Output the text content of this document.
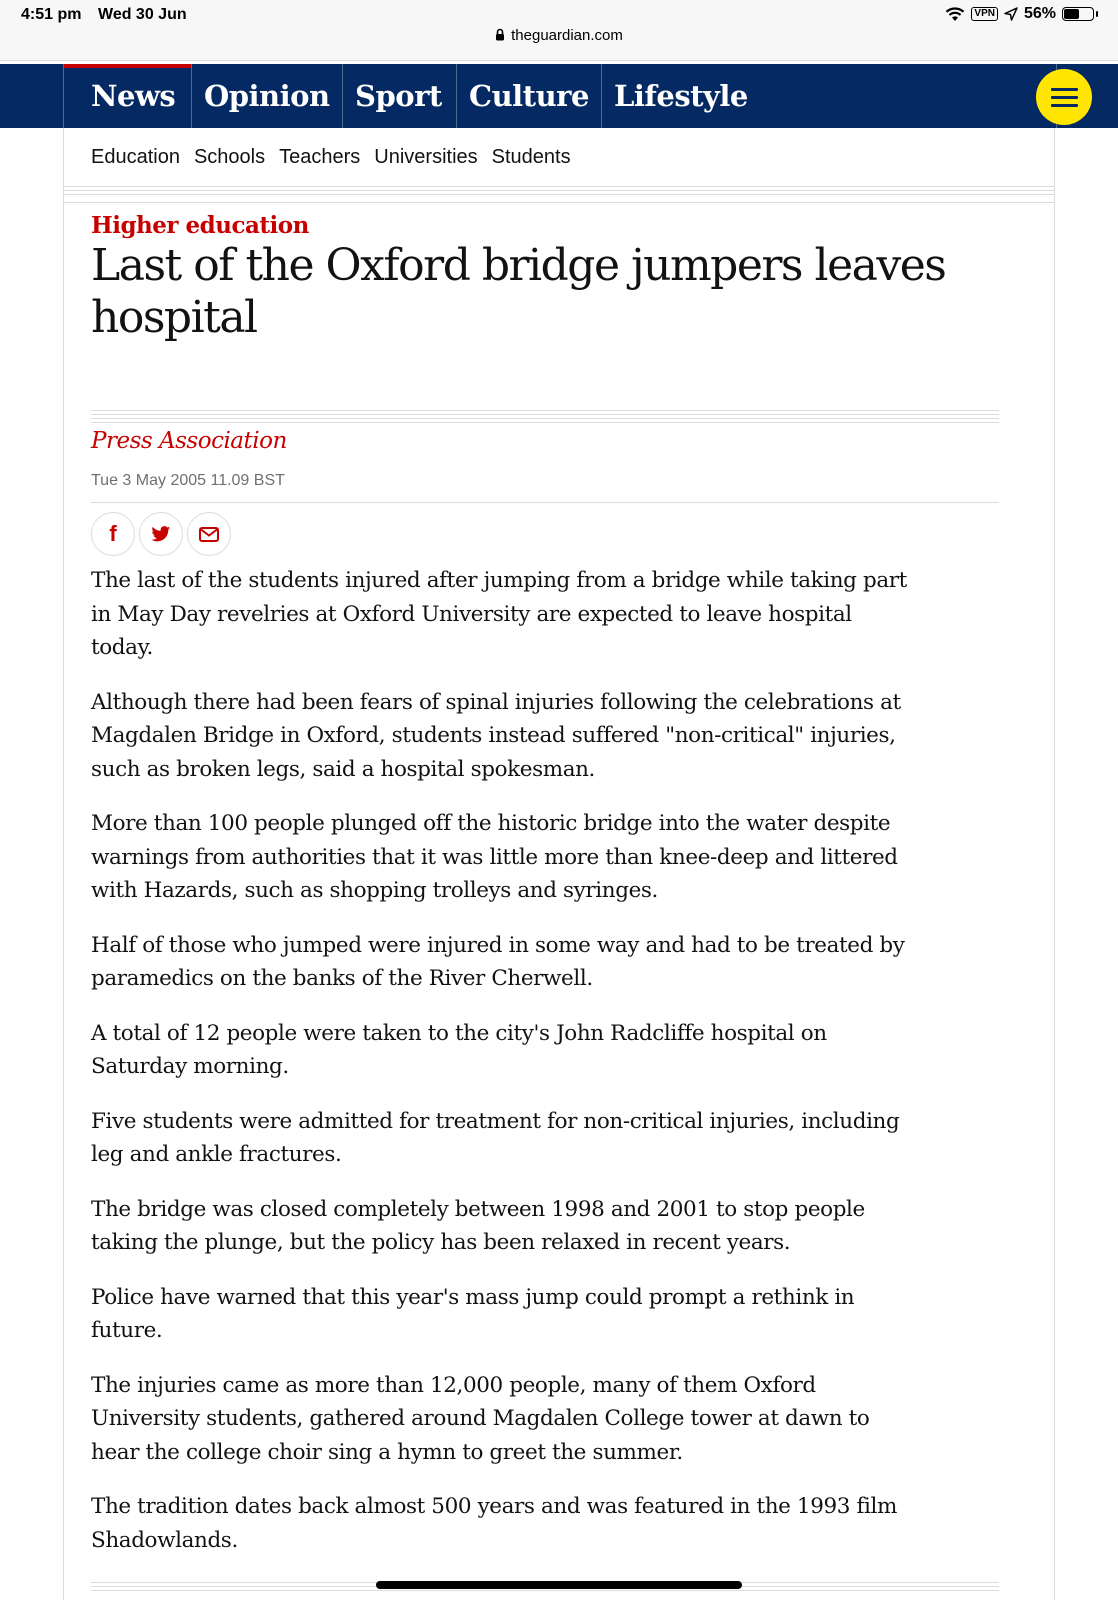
4:51 pm Wed 30 Jun	VPN 56%
theguardian.com
News Opinion Sport Culture Lifestyle
Education Schools Teachers Universities Students
Higher education
Last of the Oxford bridge jumpers leaves hospital
Press Association
Tue 3 May 2005 11.09 BST
f

The last of the students injured after jumping from a bridge while taking part in May Day revelries at Oxford University are expected to leave hospital today.

Although there had been fears of spinal injuries following the celebrations at Magdalen Bridge in Oxford, students instead suffered "non-critical" injuries, such as broken legs, said a hospital spokesman.

More than 100 people plunged off the historic bridge into the water despite warnings from authorities that it was little more than knee-deep and littered with Hazards, such as shopping trolleys and syringes.

Half of those who jumped were injured in some way and had to be treated by paramedics on the banks of the River Cherwell.

A total of 12 people were taken to the city's John Radcliffe hospital on Saturday morning.

Five students were admitted for treatment for non-critical injuries, including leg and ankle fractures.

The bridge was closed completely between 1998 and 2001 to stop people taking the plunge, but the policy has been relaxed in recent years.

Police have warned that this year's mass jump could prompt a rethink in future.

The injuries came as more than 12,000 people, many of them Oxford University students, gathered around Magdalen College tower at dawn to hear the college choir sing a hymn to greet the summer.

The tradition dates back almost 500 years and was featured in the 1993 film Shadowlands.
